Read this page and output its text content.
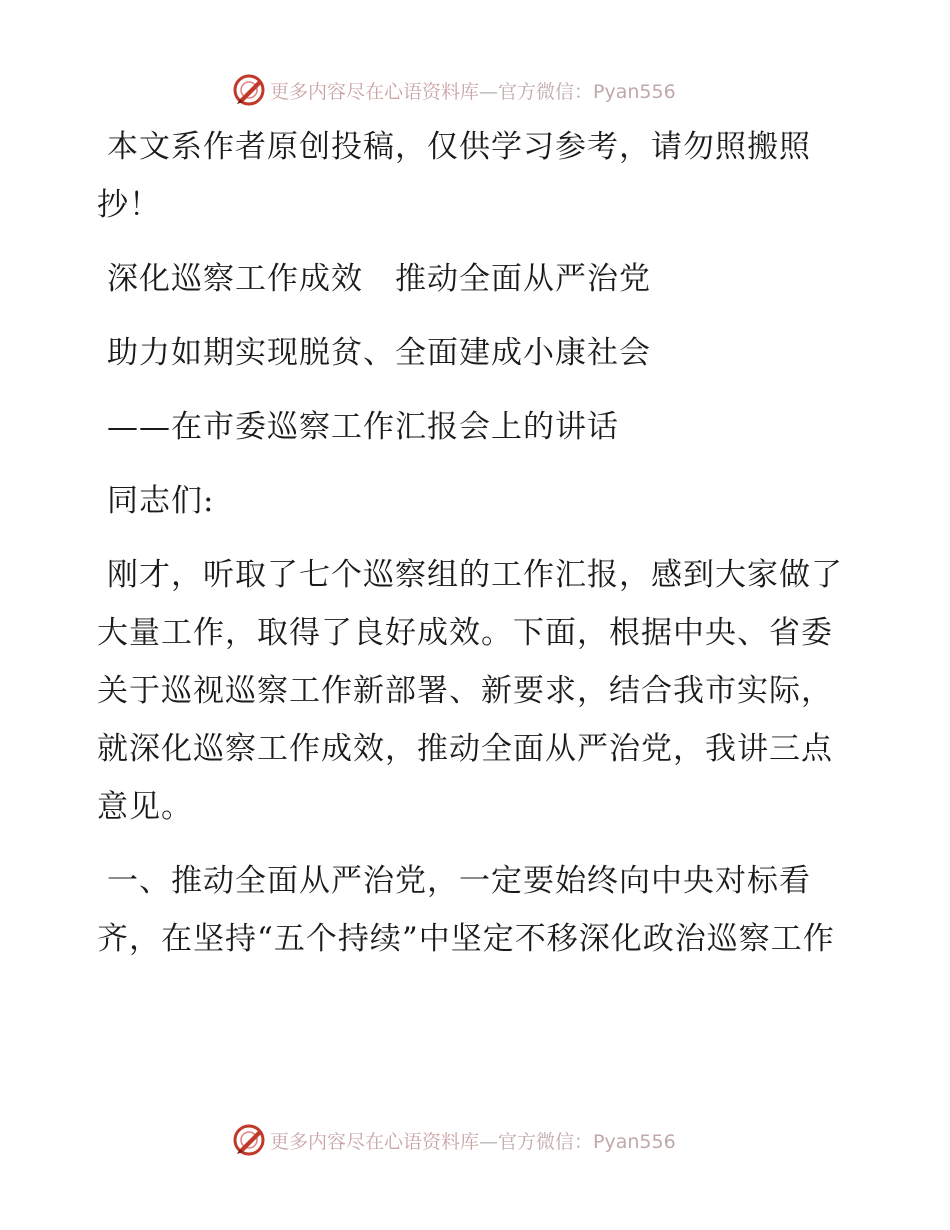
更多内容尽在心语资料库—官方微信：Pyan556

本文系作者原创投稿，仅供学习参考，请勿照搬照抄！

深化巡察工作成效　推动全面从严治党

助力如期实现脱贫、全面建成小康社会

——在市委巡察工作汇报会上的讲话

同志们:

刚才，听取了七个巡察组的工作汇报，感到大家做了大量工作，取得了良好成效。下面，根据中央、省委关于巡视巡察工作新部署、新要求，结合我市实际，就深化巡察工作成效，推动全面从严治党，我讲三点意见。

一、推动全面从严治党，一定要始终向中央对标看齐，在坚持“五个持续”中坚定不移深化政治巡察工作

更多内容尽在心语资料库—官方微信：Pyan556
